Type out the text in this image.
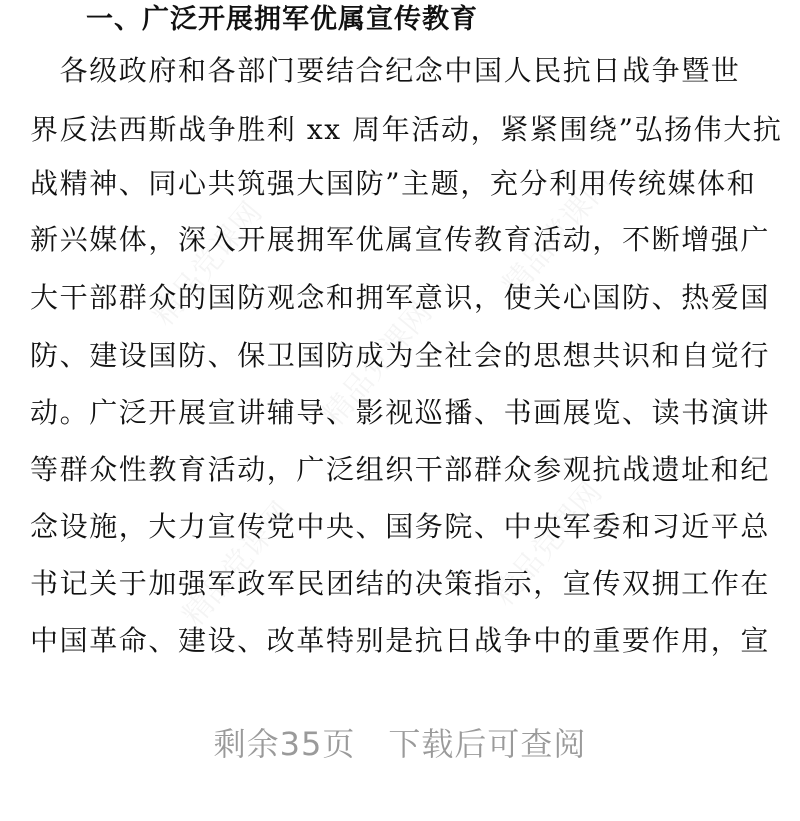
一、广泛开展拥军优属宣传教育
　各级政府和各部门要结合纪念中国人民抗日战争暨世
界反法西斯战争胜利 xx 周年活动，紧紧围绕”弘扬伟大抗
战精神、同心共筑强大国防”主题，充分利用传统媒体和
新兴媒体，深入开展拥军优属宣传教育活动，不断增强广
大干部群众的国防观念和拥军意识，使关心国防、热爱国
防、建设国防、保卫国防成为全社会的思想共识和自觉行
动。广泛开展宣讲辅导、影视巡播、书画展览、读书演讲
等群众性教育活动，广泛组织干部群众参观抗战遗址和纪
念设施，大力宣传党中央、国务院、中央军委和习近平总
书记关于加强军政军民团结的决策指示，宣传双拥工作在
中国革命、建设、改革特别是抗日战争中的重要作用，宣
剩余35页　下载后可查阅
